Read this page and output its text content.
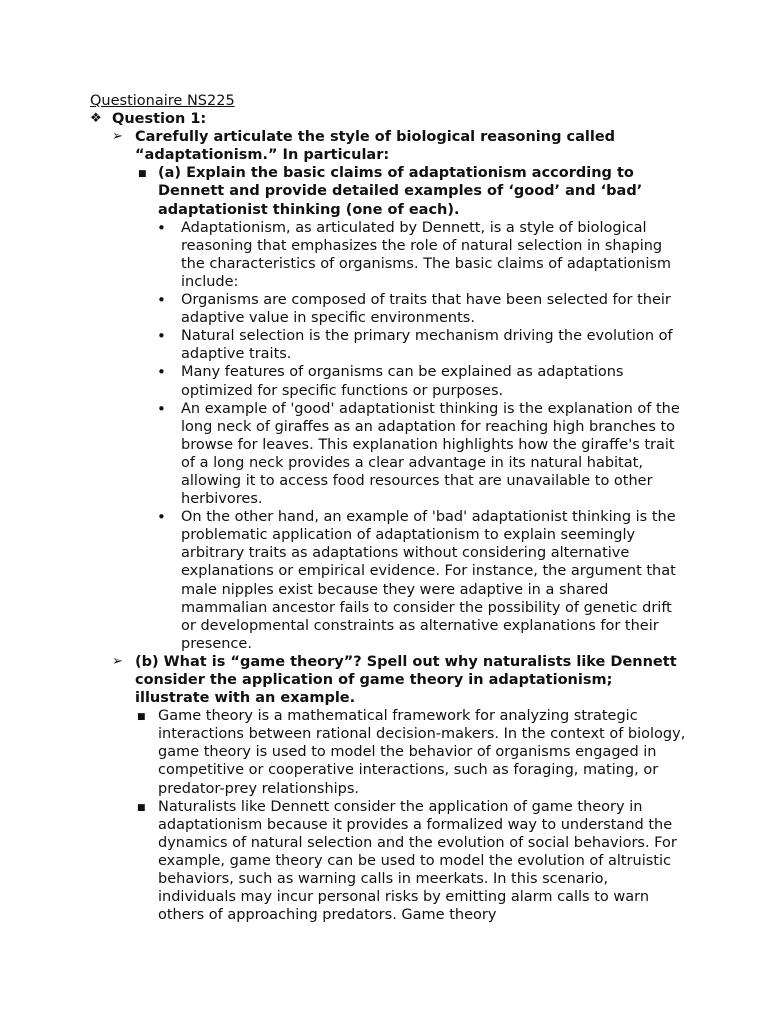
Questionaire NS225
❖ Question 1:
➢ Carefully articulate the style of biological reasoning called “adaptationism.” In particular:
■ (a) Explain the basic claims of adaptationism according to Dennett and provide detailed examples of ‘good’ and ‘bad’ adaptationist thinking (one of each).
• Adaptationism, as articulated by Dennett, is a style of biological reasoning that emphasizes the role of natural selection in shaping the characteristics of organisms. The basic claims of adaptationism include:
• Organisms are composed of traits that have been selected for their adaptive value in specific environments.
• Natural selection is the primary mechanism driving the evolution of adaptive traits.
• Many features of organisms can be explained as adaptations optimized for specific functions or purposes.
• An example of 'good' adaptationist thinking is the explanation of the long neck of giraffes as an adaptation for reaching high branches to browse for leaves. This explanation highlights how the giraffe's trait of a long neck provides a clear advantage in its natural habitat, allowing it to access food resources that are unavailable to other herbivores.
• On the other hand, an example of 'bad' adaptationist thinking is the problematic application of adaptationism to explain seemingly arbitrary traits as adaptations without considering alternative explanations or empirical evidence. For instance, the argument that male nipples exist because they were adaptive in a shared mammalian ancestor fails to consider the possibility of genetic drift or developmental constraints as alternative explanations for their presence.
➢ (b) What is “game theory”? Spell out why naturalists like Dennett consider the application of game theory in adaptationism; illustrate with an example.
■ Game theory is a mathematical framework for analyzing strategic interactions between rational decision-makers. In the context of biology, game theory is used to model the behavior of organisms engaged in competitive or cooperative interactions, such as foraging, mating, or predator-prey relationships.
■ Naturalists like Dennett consider the application of game theory in adaptationism because it provides a formalized way to understand the dynamics of natural selection and the evolution of social behaviors. For example, game theory can be used to model the evolution of altruistic behaviors, such as warning calls in meerkats. In this scenario, individuals may incur personal risks by emitting alarm calls to warn others of approaching predators. Game theory
